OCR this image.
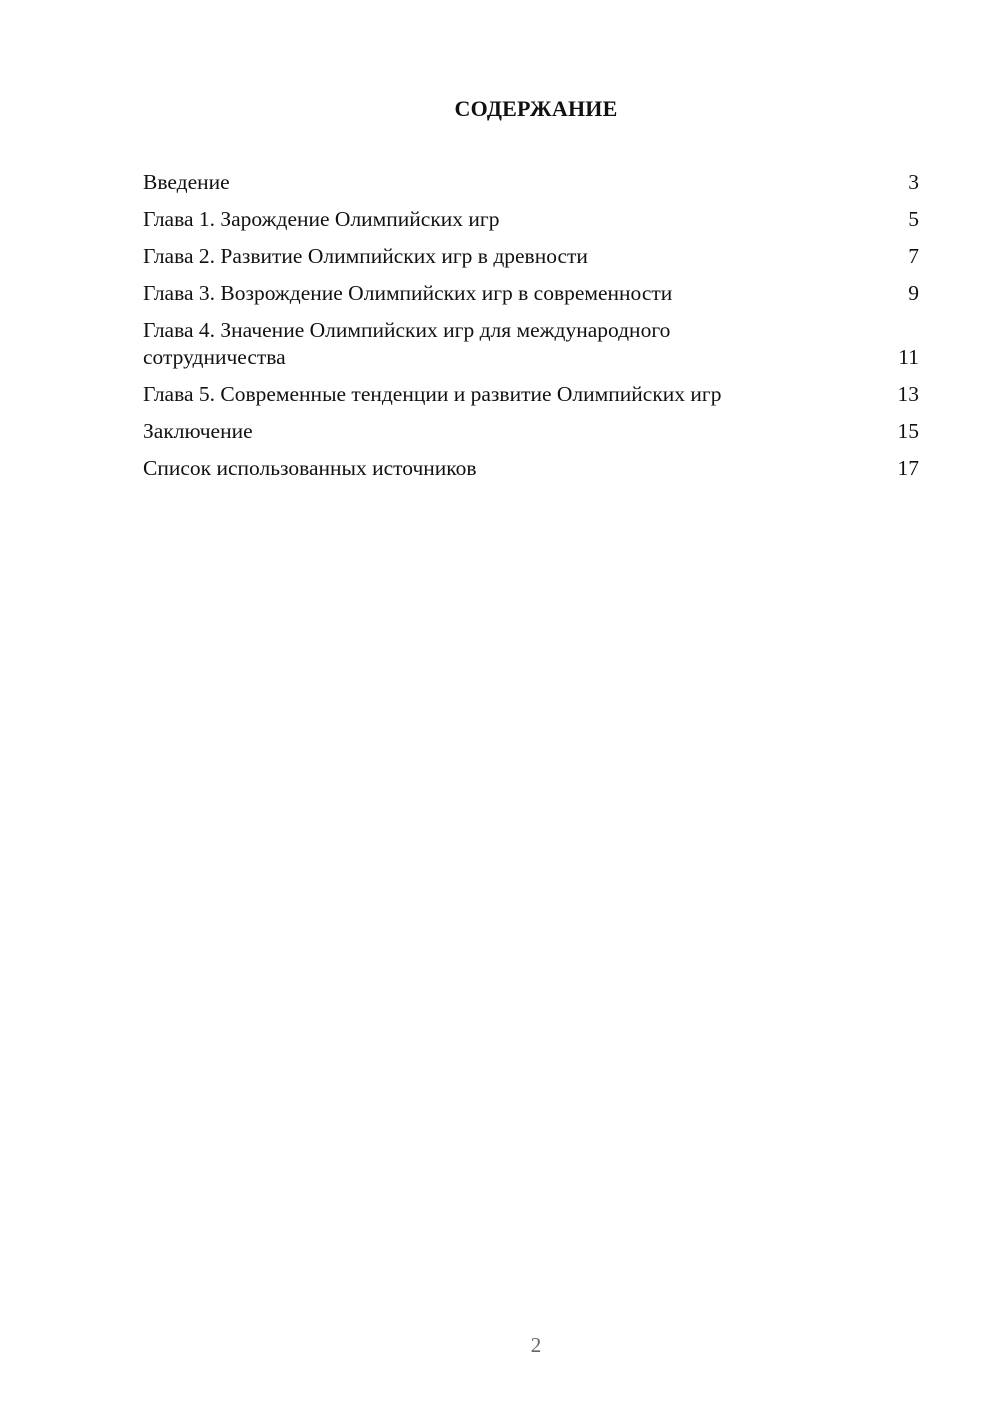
СОДЕРЖАНИЕ
Введение	3
Глава 1. Зарождение Олимпийских игр	5
Глава 2. Развитие Олимпийских игр в древности	7
Глава 3. Возрождение Олимпийских игр в современности	9
Глава 4. Значение Олимпийских игр для международного сотрудничества	11
Глава 5. Современные тенденции и развитие Олимпийских игр	13
Заключение	15
Список использованных источников	17
2
